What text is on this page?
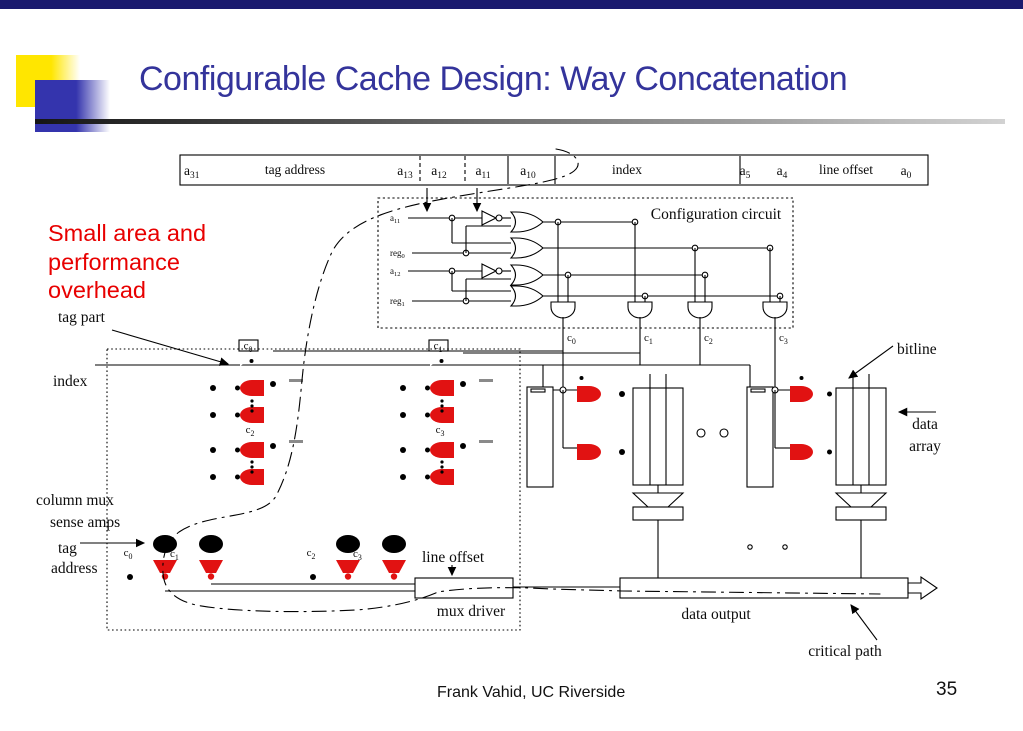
Configurable Cache Design: Way Concatenation
Small area and
performance
overhead
$a_{31}$	tag address	$a_{13}$ $a_{12}$ $a_{11}$ $a_{10}$	index	$a_5$ $a_4$ line offset $a_0$
Configuration circuit
$a_{11}$
reg$_0$
$a_{12}$
reg$_1$
$c_0$	$c_1$	$c_2$	$c_3$
$c_0$	$c_1$
$c_2$	$c_3$
$c_0$	$c_1$	$c_2$	$c_3$
mux driver	data output
line offset
critical path
tag part
index
column mux
sense amps
tag
address
bitline
data
array
Frank Vahid, UC Riverside	35
